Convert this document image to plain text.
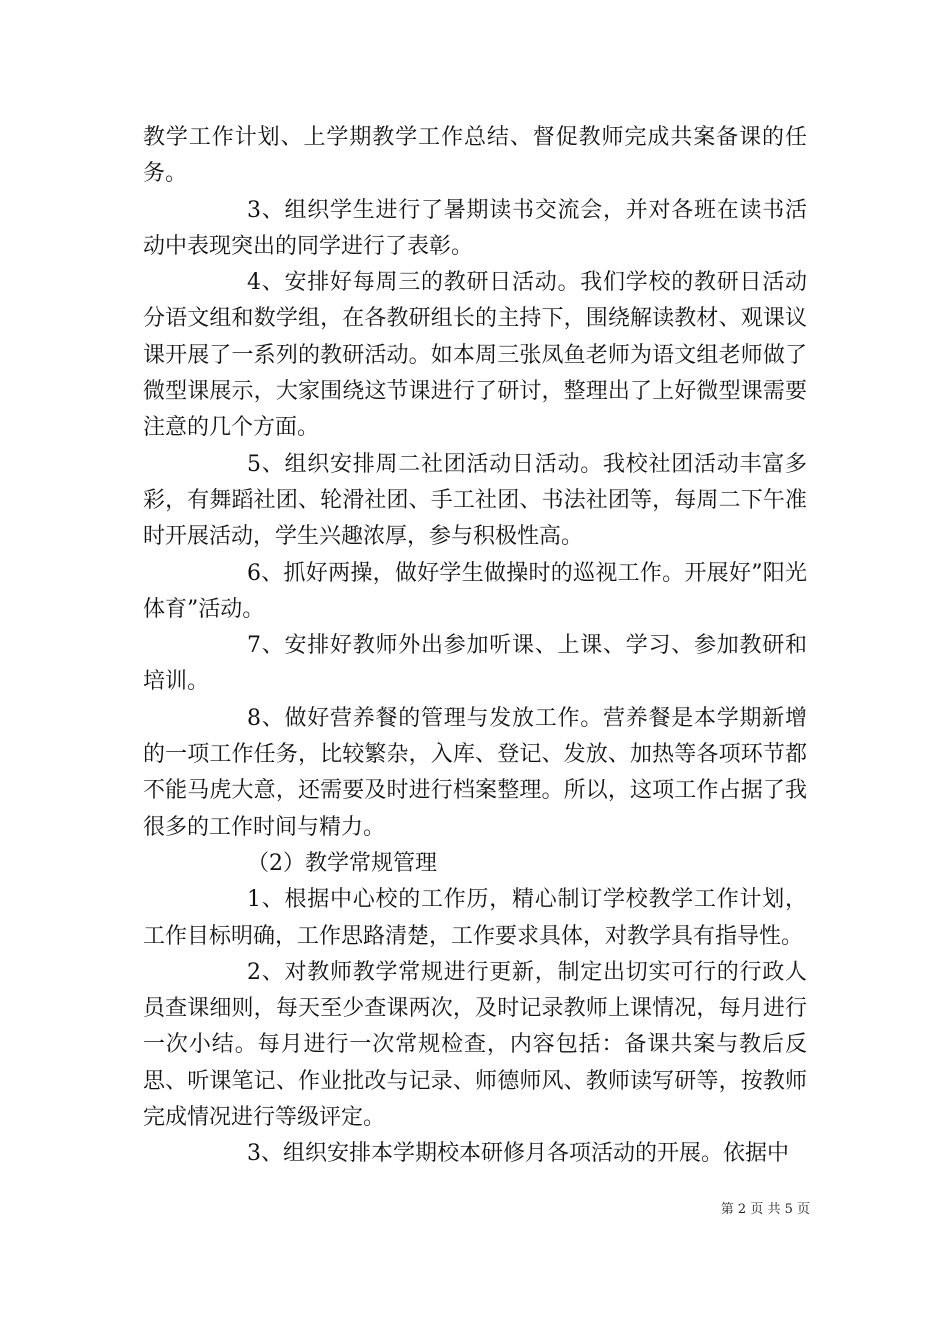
教学工作计划、上学期教学工作总结、督促教师完成共案备课的任务。

3、组织学生进行了暑期读书交流会，并对各班在读书活动中表现突出的同学进行了表彰。

4、安排好每周三的教研日活动。我们学校的教研日活动分语文组和数学组，在各教研组长的主持下，围绕解读教材、观课议课开展了一系列的教研活动。如本周三张凤鱼老师为语文组老师做了微型课展示，大家围绕这节课进行了研讨，整理出了上好微型课需要注意的几个方面。

5、组织安排周二社团活动日活动。我校社团活动丰富多彩，有舞蹈社团、轮滑社团、手工社团、书法社团等，每周二下午准时开展活动，学生兴趣浓厚，参与积极性高。

6、抓好两操，做好学生做操时的巡视工作。开展好”阳光体育”活动。

7、安排好教师外出参加听课、上课、学习、参加教研和培训。

8、做好营养餐的管理与发放工作。营养餐是本学期新增的一项工作任务，比较繁杂，入库、登记、发放、加热等各项环节都不能马虎大意，还需要及时进行档案整理。所以，这项工作占据了我很多的工作时间与精力。

（2）教学常规管理

1、根据中心校的工作历，精心制订学校教学工作计划，工作目标明确，工作思路清楚，工作要求具体，对教学具有指导性。

2、对教师教学常规进行更新，制定出切实可行的行政人员查课细则，每天至少查课两次，及时记录教师上课情况，每月进行一次小结。每月进行一次常规检查，内容包括：备课共案与教后反思、听课笔记、作业批改与记录、师德师风、教师读写研等，按教师完成情况进行等级评定。

3、组织安排本学期校本研修月各项活动的开展。依据中

第 2 页 共 5 页
